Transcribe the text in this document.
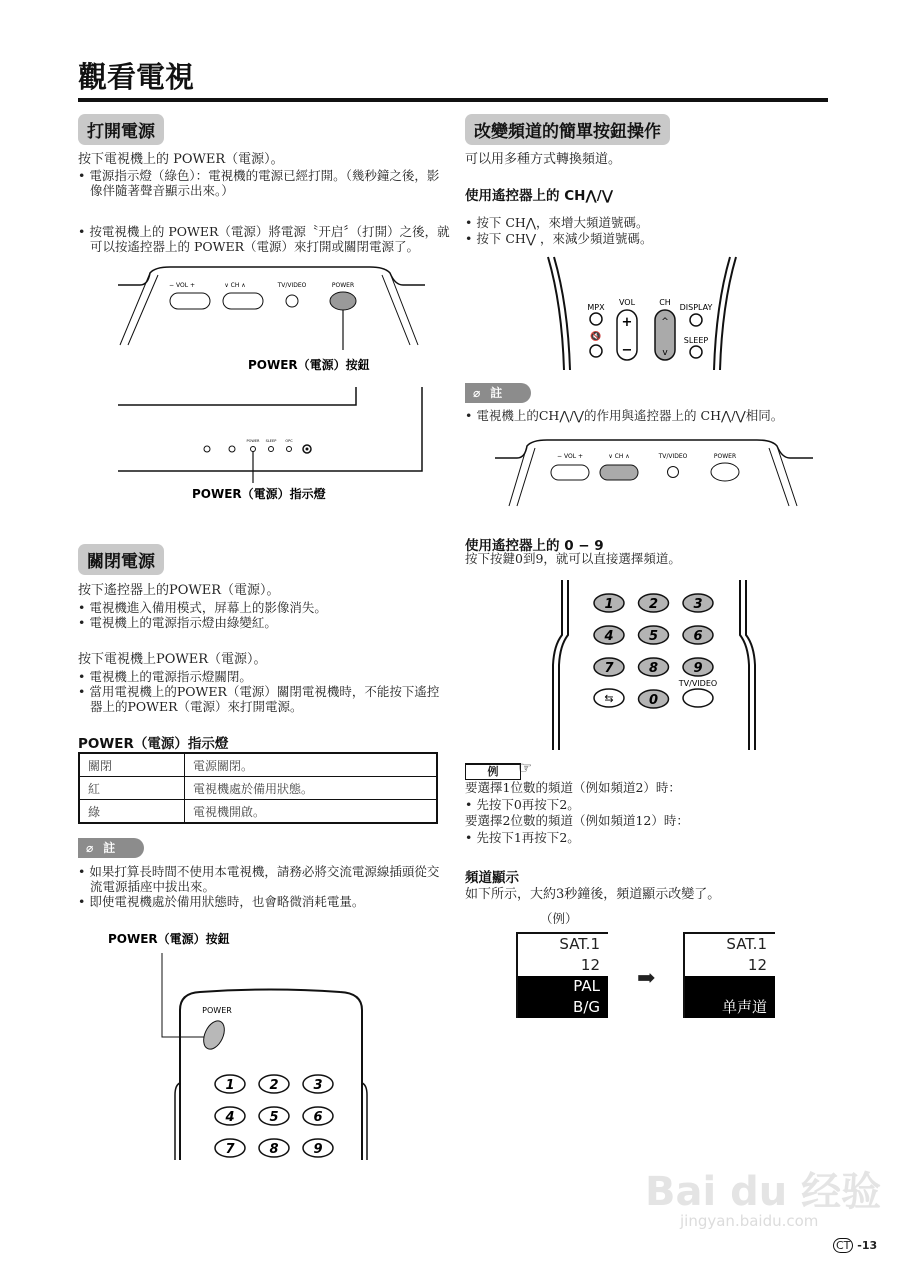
觀看電視
打開電源
按下電視機上的 POWER（電源）。
• 電源指示燈（綠色）：電視機的電源已經打開。（幾秒鐘之後，影像伴隨著聲音顯示出來。）
• 按電視機上的 POWER（電源）將電源〝开启〞（打開）之後，就可以按遙控器上的 POWER（電源）來打開或關閉電源了。
− VOL +	∨ CH ∧	TV/VIDEO	POWER
POWER（電源）按鈕
POWER SLEEP	OPC
POWER（電源）指示燈
關閉電源
按下遙控器上的POWER（電源）。
• 電視機進入備用模式，屏幕上的影像消失。
• 電視機上的電源指示燈由綠變紅。
按下電視機上POWER（電源）。
• 電視機上的電源指示燈關閉。
• 當用電視機上的POWER（電源）關閉電視機時，不能按下遙控器上的POWER（電源）來打開電源。
POWER（電源）指示燈
關閉	電源關閉。
紅	電視機處於備用狀態。
綠	電視機開啟。
⌀ 註
• 如果打算長時間不使用本電視機，請務必將交流電源線插頭從交流電源插座中拔出來。
• 即使電視機處於備用狀態時，也會略微消耗電量。
POWER（電源）按鈕
POWER
1	2	3
4	5	6
7	8	9
改變頻道的簡單按鈕操作
可以用多種方式轉換頻道。
使用遙控器上的 CH⋀/⋁
• 按下 CH⋀，來增大頻道號碼。
• 按下 CH⋁ ，來減少頻道號碼。
MPX
VOL	CH
DISPLAY
SLEEP
🔇
+
−
^
v
⌀ 註
• 電視機上的CH⋀/⋁的作用與遙控器上的 CH⋀/⋁相同。
− VOL +	∨ CH ∧	TV/VIDEO	POWER
使用遙控器上的 0 − 9
按下按鍵0到9，就可以直接選擇頻道。
1	2	3
4	5	6
7	8	9
0
⇆
TV/VIDEO
例	☞
要選擇1位數的頻道（例如頻道2）時：
• 先按下0再按下2。
要選擇2位數的頻道（例如頻道12）時：
• 先按下1再按下2。
頻道顯示
如下所示，大約3秒鐘後，頻道顯示改變了。
（例）
SAT.1
12
PAL
B/G
➡
SAT.1
12
单声道
Bai du 经验
jingyan.baidu.com
CT -13
